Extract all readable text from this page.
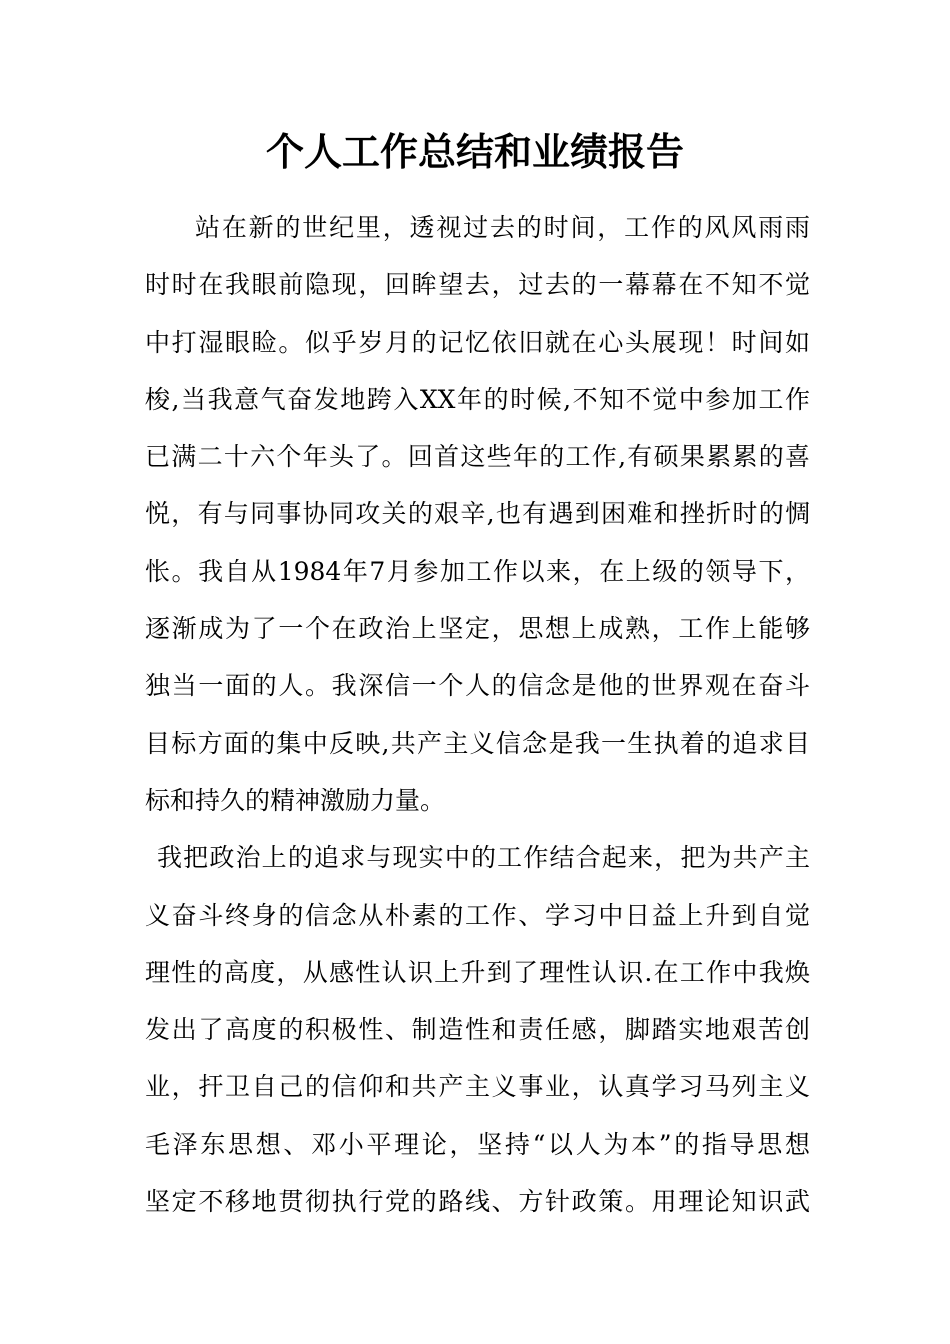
个人工作总结和业绩报告
站在新的世纪里，透视过去的时间，工作的风风雨雨
时时在我眼前隐现，回眸望去，过去的一幕幕在不知不觉
中打湿眼睑。似乎岁月的记忆依旧就在心头展现！时间如
梭,当我意气奋发地跨入XX年的时候,不知不觉中参加工作
已满二十六个年头了。回首这些年的工作,有硕果累累的喜
悦，有与同事协同攻关的艰辛,也有遇到困难和挫折时的惆
怅。我自从1984年7月参加工作以来，在上级的领导下，
逐渐成为了一个在政治上坚定，思想上成熟，工作上能够
独当一面的人。我深信一个人的信念是他的世界观在奋斗
目标方面的集中反映,共产主义信念是我一生执着的追求目
标和持久的精神激励力量。
我把政治上的追求与现实中的工作结合起来，把为共产主
义奋斗终身的信念从朴素的工作、学习中日益上升到自觉
理性的高度，从感性认识上升到了理性认识.在工作中我焕
发出了高度的积极性、制造性和责任感，脚踏实地艰苦创
业，扞卫自己的信仰和共产主义事业，认真学习马列主义
毛泽东思想、邓小平理论，坚持“以人为本”的指导思想
坚定不移地贯彻执行党的路线、方针政策。用理论知识武
